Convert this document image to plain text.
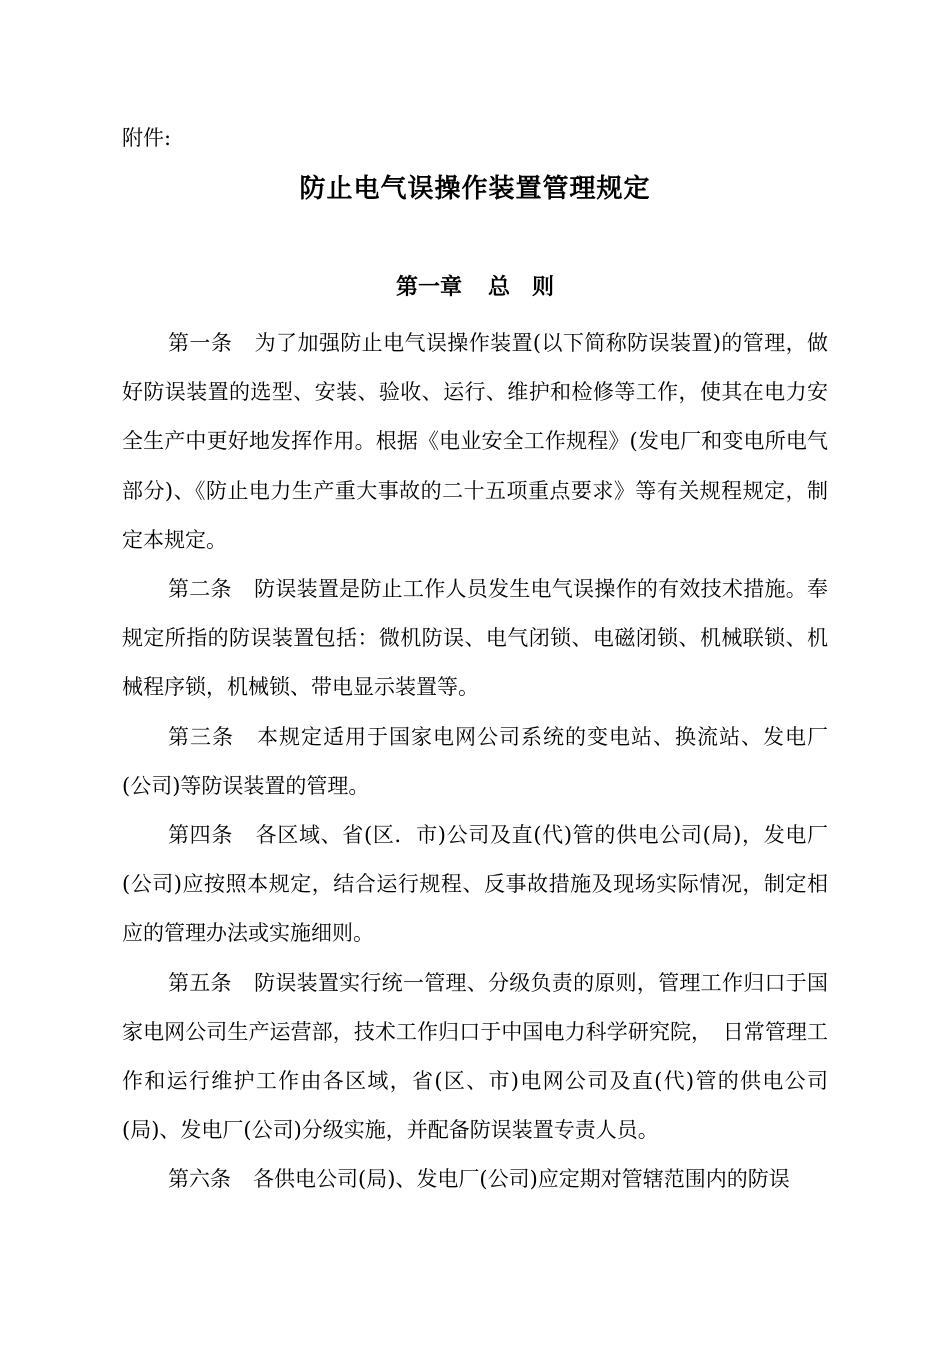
附件:
防止电气误操作装置管理规定
第一章 总　则

第一条 为了加强防止电气误操作装置(以下简称防误装置)的管理，做好防误装置的选型、安装、验收、运行、维护和检修等工作，使其在电力安全生产中更好地发挥作用。根据《电业安全工作规程》(发电厂和变电所电气部分)、《防止电力生产重大事故的二十五项重点要求》等有关规程规定，制定本规定。

第二条 防误装置是防止工作人员发生电气误操作的有效技术措施。奉规定所指的防误装置包括：微机防误、电气闭锁、电磁闭锁、机械联锁、机械程序锁，机械锁、带电显示装置等。

第三条 本规定适用于国家电网公司系统的变电站、换流站、发电厂(公司)等防误装置的管理。

第四条 各区域、省(区．市)公司及直(代)管的供电公司(局)，发电厂(公司)应按照本规定，结合运行规程、反事故措施及现场实际情况，制定相应的管理办法或实施细则。

第五条 防误装置实行统一管理、分级负责的原则，管理工作归口于国家电网公司生产运营部，技术工作归口于中国电力科学研究院，　日常管理工作和运行维护工作由各区域，省(区、市)电网公司及直(代)管的供电公司(局)、发电厂(公司)分级实施，并配备防误装置专责人员。

第六条 各供电公司(局)、发电厂(公司)应定期对管辖范围内的防误
